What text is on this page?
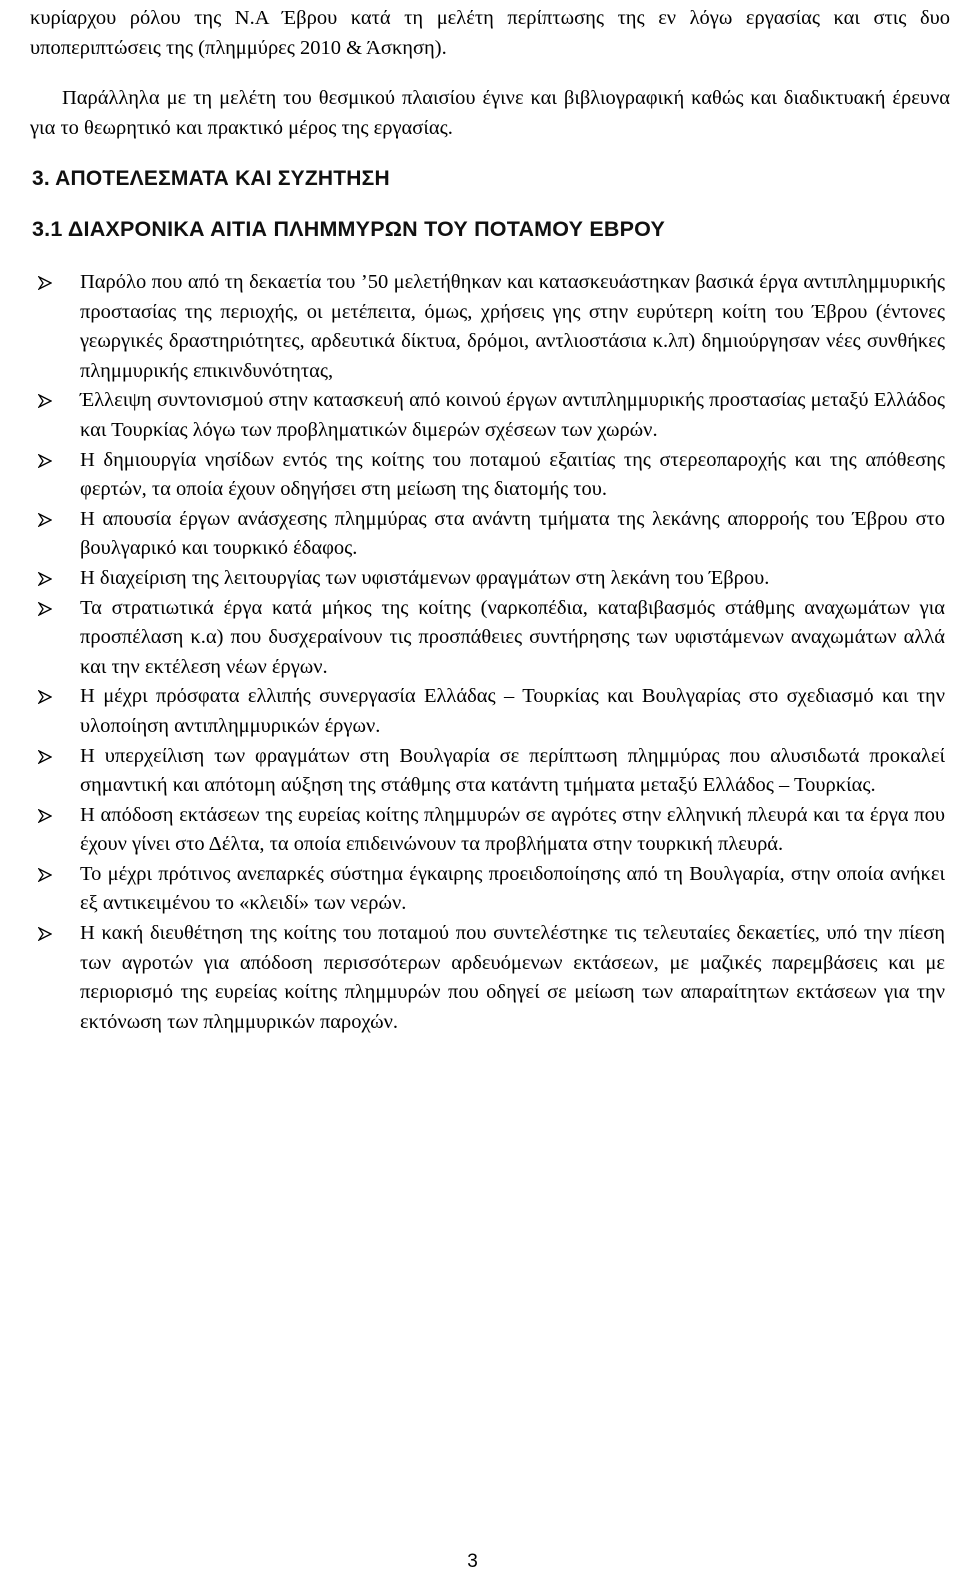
κυρίαρχου ρόλου της Ν.Α Έβρου κατά τη μελέτη περίπτωσης της εν λόγω εργασίας και στις δυο υποπεριπτώσεις της (πλημμύρες 2010 & Άσκηση).

Παράλληλα με τη μελέτη του θεσμικού πλαισίου έγινε και βιβλιογραφική καθώς και διαδικτυακή έρευνα για το θεωρητικό και πρακτικό μέρος της εργασίας.

3. ΑΠΟΤΕΛΕΣΜΑΤΑ ΚΑΙ ΣΥΖΗΤΗΣΗ
3.1 ΔΙΑΧΡΟΝΙΚΑ ΑΙΤΙΑ ΠΛΗΜΜΥΡΩΝ ΤΟΥ ΠΟΤΑΜΟΥ ΕΒΡΟΥ
Παρόλο που από τη δεκαετία του ’50 μελετήθηκαν και κατασκευάστηκαν βασικά έργα αντιπλημμυρικής προστασίας της περιοχής, οι μετέπειτα, όμως, χρήσεις γης στην ευρύτερη κοίτη του Έβρου (έντονες γεωργικές δραστηριότητες, αρδευτικά δίκτυα, δρόμοι, αντλιοστάσια κ.λπ) δημιούργησαν νέες συνθήκες πλημμυρικής επικινδυνότητας,
Έλλειψη συντονισμού στην κατασκευή από κοινού έργων αντιπλημμυρικής προστασίας μεταξύ Ελλάδος και Τουρκίας λόγω των προβληματικών διμερών σχέσεων των χωρών.
Η δημιουργία νησίδων εντός της κοίτης του ποταμού εξαιτίας της στερεοπαροχής και της απόθεσης φερτών, τα οποία έχουν οδηγήσει στη μείωση της διατομής του.
Η απουσία έργων ανάσχεσης πλημμύρας στα ανάντη τμήματα της λεκάνης απορροής του Έβρου στο βουλγαρικό και τουρκικό έδαφος.
Η διαχείριση της λειτουργίας των υφιστάμενων φραγμάτων στη λεκάνη του Έβρου.
Τα στρατιωτικά έργα κατά μήκος της κοίτης (ναρκοπέδια, καταβιβασμός στάθμης αναχωμάτων για προσπέλαση κ.α) που δυσχεραίνουν τις προσπάθειες συντήρησης των υφιστάμενων αναχωμάτων αλλά και την εκτέλεση νέων έργων.
Η μέχρι πρόσφατα ελλιπής συνεργασία Ελλάδας – Τουρκίας και Βουλγαρίας στο σχεδιασμό και την υλοποίηση αντιπλημμυρικών έργων.
Η υπερχείλιση των φραγμάτων στη Βουλγαρία σε περίπτωση πλημμύρας που αλυσιδωτά προκαλεί σημαντική και απότομη αύξηση της στάθμης στα κατάντη τμήματα μεταξύ Ελλάδος – Τουρκίας.
Η απόδοση εκτάσεων της ευρείας κοίτης πλημμυρών σε αγρότες στην ελληνική πλευρά και τα έργα που έχουν γίνει στο Δέλτα, τα οποία επιδεινώνουν τα προβλήματα στην τουρκική πλευρά.
Το μέχρι πρότινος ανεπαρκές σύστημα έγκαιρης προειδοποίησης από τη Βουλγαρία, στην οποία ανήκει εξ αντικειμένου το «κλειδί» των νερών.
Η κακή διευθέτηση της κοίτης του ποταμού που συντελέστηκε τις τελευταίες δεκαετίες, υπό την πίεση των αγροτών για απόδοση περισσότερων αρδευόμενων εκτάσεων, με μαζικές παρεμβάσεις και με περιορισμό της ευρείας κοίτης πλημμυρών που οδηγεί σε μείωση των απαραίτητων εκτάσεων για την εκτόνωση των πλημμυρικών παροχών.
3
